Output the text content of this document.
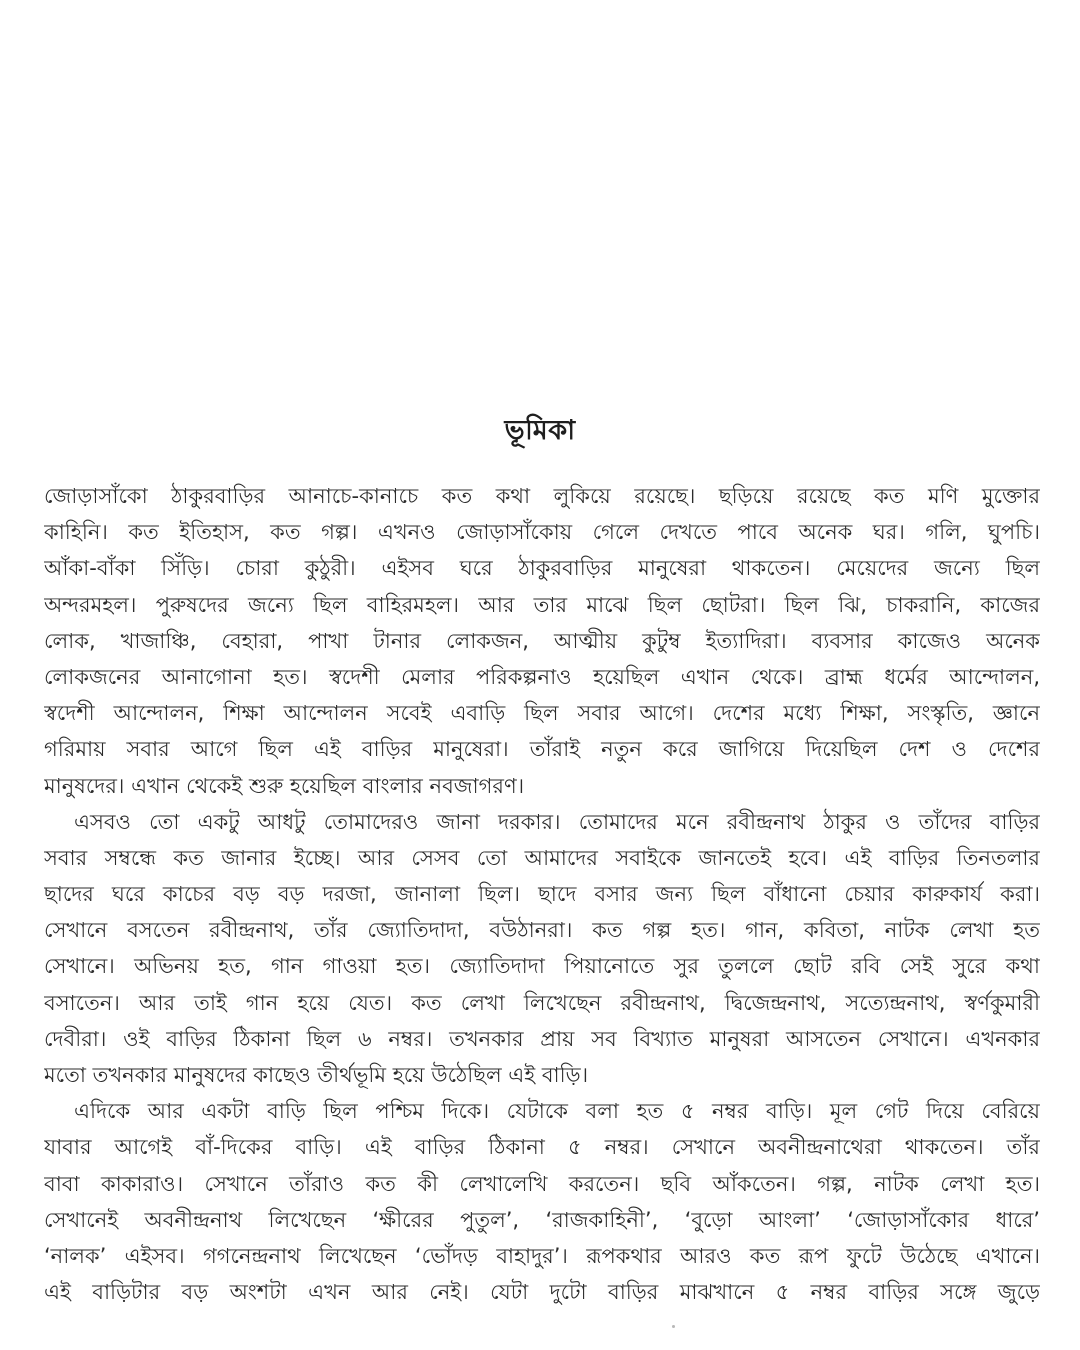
ভূমিকা
জোড়াসাঁকো ঠাকুরবাড়ির আনাচে-কানাচে কত কথা লুকিয়ে রয়েছে। ছড়িয়ে রয়েছে কত মণি মুক্তোর
কাহিনি। কত ইতিহাস, কত গল্প। এখনও জোড়াসাঁকোয় গেলে দেখতে পাবে অনেক ঘর। গলি, ঘুপচি।
আঁকা-বাঁকা সিঁড়ি। চোরা কুঠুরী। এইসব ঘরে ঠাকুরবাড়ির মানুষেরা থাকতেন। মেয়েদের জন্যে ছিল
অন্দরমহল। পুরুষদের জন্যে ছিল বাহিরমহল। আর তার মাঝে ছিল ছোটরা। ছিল ঝি, চাকরানি, কাজের
লোক, খাজাঞ্চি, বেহারা, পাখা টানার লোকজন, আত্মীয় কুটুম্ব ইত্যাদিরা। ব্যবসার কাজেও অনেক
লোকজনের আনাগোনা হত। স্বদেশী মেলার পরিকল্পনাও হয়েছিল এখান থেকে। ব্রাহ্ম ধর্মের আন্দোলন,
স্বদেশী আন্দোলন, শিক্ষা আন্দোলন সবেই এবাড়ি ছিল সবার আগে। দেশের মধ্যে শিক্ষা, সংস্কৃতি, জ্ঞানে
গরিমায় সবার আগে ছিল এই বাড়ির মানুষেরা। তাঁরাই নতুন করে জাগিয়ে দিয়েছিল দেশ ও দেশের
মানুষদের। এখান থেকেই শুরু হয়েছিল বাংলার নবজাগরণ।
এসবও তো একটু আধটু তোমাদেরও জানা দরকার। তোমাদের মনে রবীন্দ্রনাথ ঠাকুর ও তাঁদের বাড়ির
সবার সম্বন্ধে কত জানার ইচ্ছে। আর সেসব তো আমাদের সবাইকে জানতেই হবে। এই বাড়ির তিনতলার
ছাদের ঘরে কাচের বড় বড় দরজা, জানালা ছিল। ছাদে বসার জন্য ছিল বাঁধানো চেয়ার কারুকার্য করা।
সেখানে বসতেন রবীন্দ্রনাথ, তাঁর জ্যোতিদাদা, বউঠানরা। কত গল্প হত। গান, কবিতা, নাটক লেখা হত
সেখানে। অভিনয় হত, গান গাওয়া হত। জ্যোতিদাদা পিয়ানোতে সুর তুললে ছোট রবি সেই সুরে কথা
বসাতেন। আর তাই গান হয়ে যেত। কত লেখা লিখেছেন রবীন্দ্রনাথ, দ্বিজেন্দ্রনাথ, সত্যেন্দ্রনাথ, স্বর্ণকুমারী
দেবীরা। ওই বাড়ির ঠিকানা ছিল ৬ নম্বর। তখনকার প্রায় সব বিখ্যাত মানুষরা আসতেন সেখানে। এখনকার
মতো তখনকার মানুষদের কাছেও তীর্থভূমি হয়ে উঠেছিল এই বাড়ি।
এদিকে আর একটা বাড়ি ছিল পশ্চিম দিকে। যেটাকে বলা হত ৫ নম্বর বাড়ি। মূল গেট দিয়ে বেরিয়ে
যাবার আগেই বাঁ-দিকের বাড়ি। এই বাড়ির ঠিকানা ৫ নম্বর। সেখানে অবনীন্দ্রনাথেরা থাকতেন। তাঁর
বাবা কাকারাও। সেখানে তাঁরাও কত কী লেখালেখি করতেন। ছবি আঁকতেন। গল্প, নাটক লেখা হত।
সেখানেই অবনীন্দ্রনাথ লিখেছেন ‘ক্ষীরের পুতুল’, ‘রাজকাহিনী’, ‘বুড়ো আংলা’ ‘জোড়াসাঁকোর ধারে’
‘নালক’ এইসব। গগনেন্দ্রনাথ লিখেছেন ‘ভোঁদড় বাহাদুর’। রূপকথার আরও কত রূপ ফুটে উঠেছে এখানে।
এই বাড়িটার বড় অংশটা এখন আর নেই। যেটা দুটো বাড়ির মাঝখানে ৫ নম্বর বাড়ির সঙ্গে জুড়ে
